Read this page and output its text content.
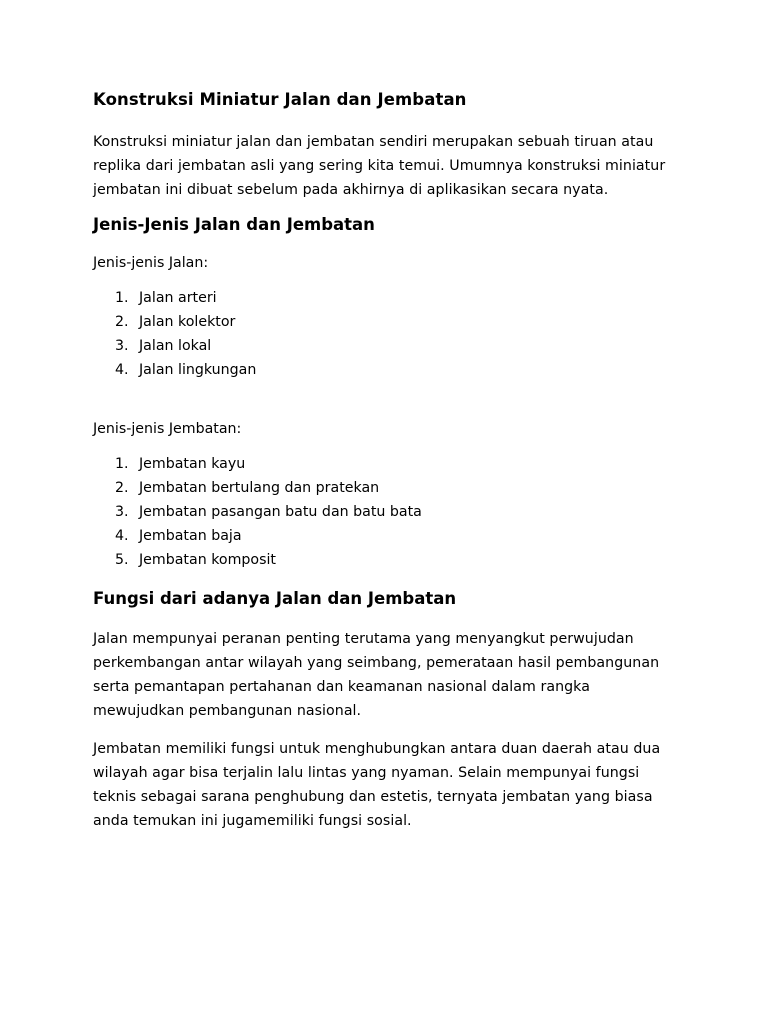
Konstruksi Miniatur Jalan dan Jembatan

Konstruksi miniatur jalan dan jembatan sendiri merupakan sebuah tiruan atau replika dari jembatan asli yang sering kita temui. Umumnya konstruksi miniatur jembatan ini dibuat sebelum pada akhirnya di aplikasikan secara nyata.

Jenis-Jenis Jalan dan Jembatan
Jenis-jenis Jalan:
1. Jalan arteri
2. Jalan kolektor
3. Jalan lokal
4. Jalan lingkungan
Jenis-jenis Jembatan:
1. Jembatan kayu
2. Jembatan bertulang dan pratekan
3. Jembatan pasangan batu dan batu bata
4. Jembatan baja
5. Jembatan komposit
Fungsi dari adanya Jalan dan Jembatan

Jalan mempunyai peranan penting terutama yang menyangkut perwujudan perkembangan antar wilayah yang seimbang, pemerataan hasil pembangunan serta pemantapan pertahanan dan keamanan nasional dalam rangka mewujudkan pembangunan nasional.

Jembatan memiliki fungsi untuk menghubungkan antara duan daerah atau dua wilayah agar bisa terjalin lalu lintas yang nyaman. Selain mempunyai fungsi teknis sebagai sarana penghubung dan estetis, ternyata jembatan yang biasa anda temukan ini jugamemiliki fungsi sosial.
